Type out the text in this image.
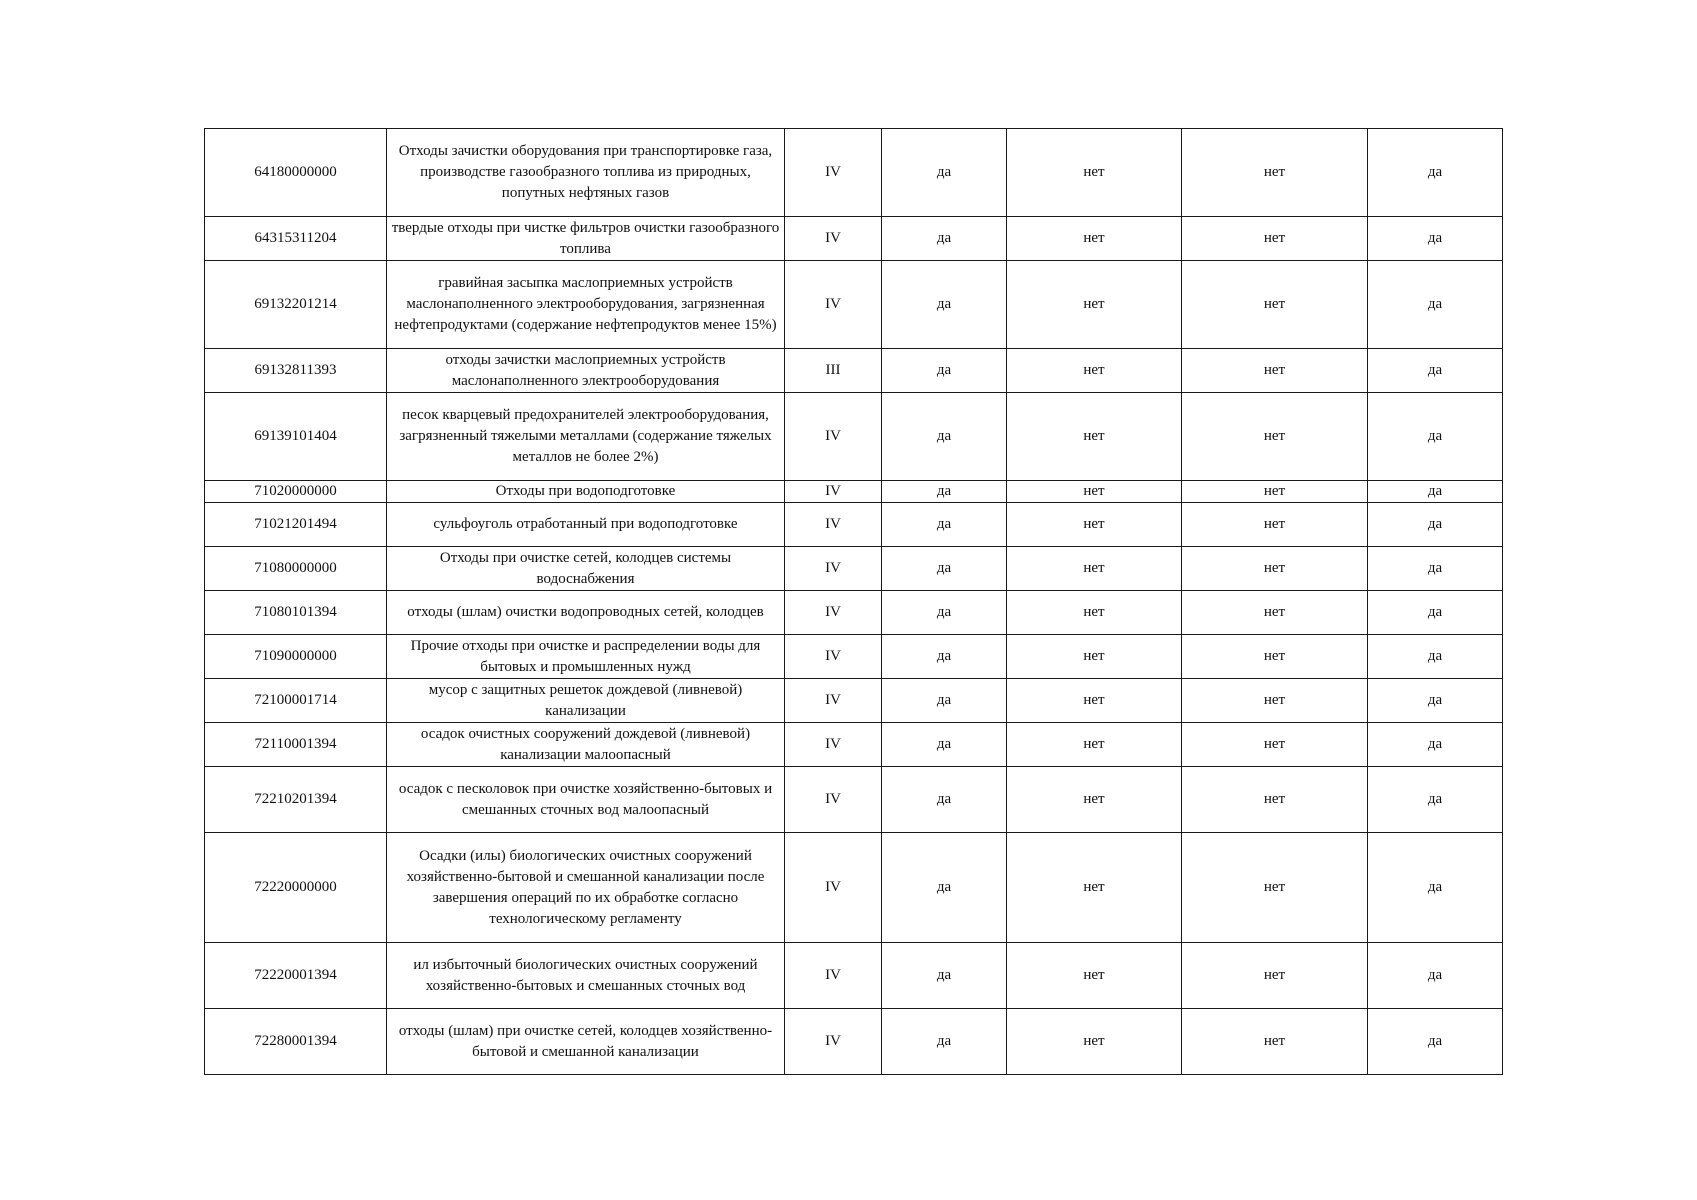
64180000000	Отходы зачистки оборудования при транспортировке газа, производстве газообразного топлива из природных, попутных нефтяных газов	IV	да	нет	нет	да
64315311204	твердые отходы при чистке фильтров очистки газообразного топлива	IV	да	нет	нет	да
69132201214	гравийная засыпка маслоприемных устройств маслонаполненного электрооборудования, загрязненная нефтепродуктами (содержание нефтепродуктов менее 15%)	IV	да	нет	нет	да
69132811393	отходы зачистки маслоприемных устройств маслонаполненного электрооборудования	III	да	нет	нет	да
69139101404	песок кварцевый предохранителей электрооборудования, загрязненный тяжелыми металлами (содержание тяжелых металлов не более 2%)	IV	да	нет	нет	да
71020000000	Отходы при водоподготовке	IV	да	нет	нет	да
71021201494	сульфоуголь отработанный при водоподготовке	IV	да	нет	нет	да
71080000000	Отходы при очистке сетей, колодцев системы водоснабжения	IV	да	нет	нет	да
71080101394	отходы (шлам) очистки водопроводных сетей, колодцев	IV	да	нет	нет	да
71090000000	Прочие отходы при очистке и распределении воды для бытовых и промышленных нужд	IV	да	нет	нет	да
72100001714	мусор с защитных решеток дождевой (ливневой) канализации	IV	да	нет	нет	да
72110001394	осадок очистных сооружений дождевой (ливневой) канализации малоопасный	IV	да	нет	нет	да
72210201394	осадок с песколовок при очистке хозяйственно-бытовых и смешанных сточных вод малоопасный	IV	да	нет	нет	да
72220000000	Осадки (илы) биологических очистных сооружений хозяйственно-бытовой и смешанной канализации после завершения операций по их обработке согласно технологическому регламенту	IV	да	нет	нет	да
72220001394	ил избыточный биологических очистных сооружений хозяйственно-бытовых и смешанных сточных вод	IV	да	нет	нет	да
72280001394	отходы (шлам) при очистке сетей, колодцев хозяйственно-бытовой и смешанной канализации	IV	да	нет	нет	да
